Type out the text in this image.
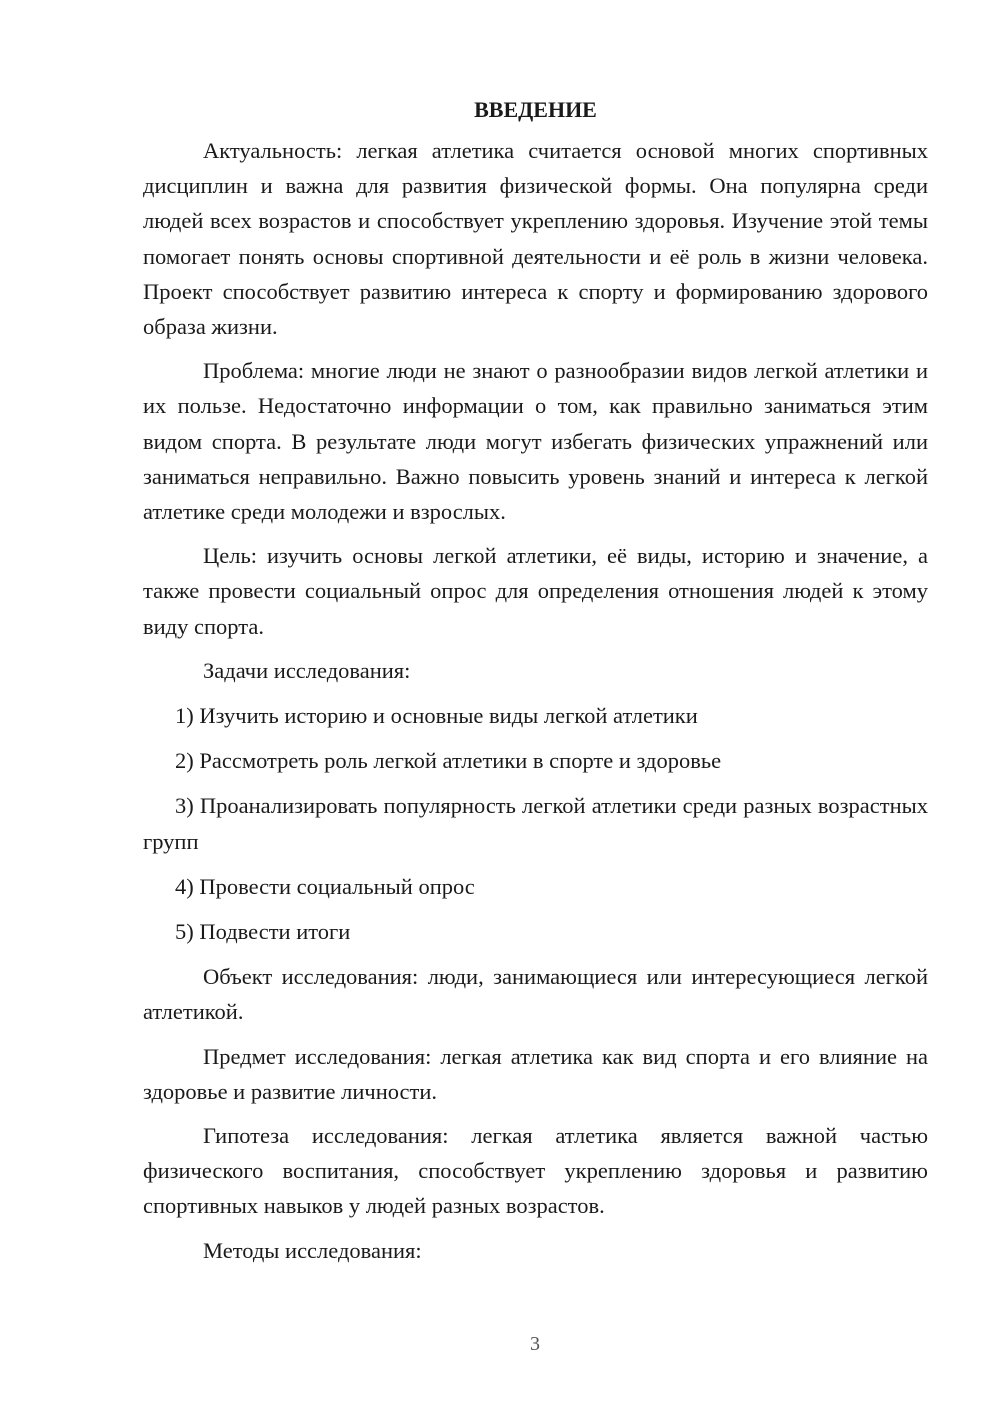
ВВЕДЕНИЕ

Актуальность: легкая атлетика считается основой многих спортивных дисциплин и важна для развития физической формы. Она популярна среди людей всех возрастов и способствует укреплению здоровья. Изучение этой темы помогает понять основы спортивной деятельности и её роль в жизни человека. Проект способствует развитию интереса к спорту и формированию здорового образа жизни.

Проблема: многие люди не знают о разнообразии видов легкой атлетики и их пользе. Недостаточно информации о том, как правильно заниматься этим видом спорта. В результате люди могут избегать физических упражнений или заниматься неправильно. Важно повысить уровень знаний и интереса к легкой атлетике среди молодежи и взрослых.

Цель: изучить основы легкой атлетики, её виды, историю и значение, а также провести социальный опрос для определения отношения людей к этому виду спорта.

Задачи исследования:

1) Изучить историю и основные виды легкой атлетики

2) Рассмотреть роль легкой атлетики в спорте и здоровье

3) Проанализировать популярность легкой атлетики среди разных возрастных групп

4) Провести социальный опрос

5) Подвести итоги

Объект исследования: люди, занимающиеся или интересующиеся легкой атлетикой.

Предмет исследования: легкая атлетика как вид спорта и его влияние на здоровье и развитие личности.

Гипотеза исследования: легкая атлетика является важной частью физического воспитания, способствует укреплению здоровья и развитию спортивных навыков у людей разных возрастов.

Методы исследования:

3
